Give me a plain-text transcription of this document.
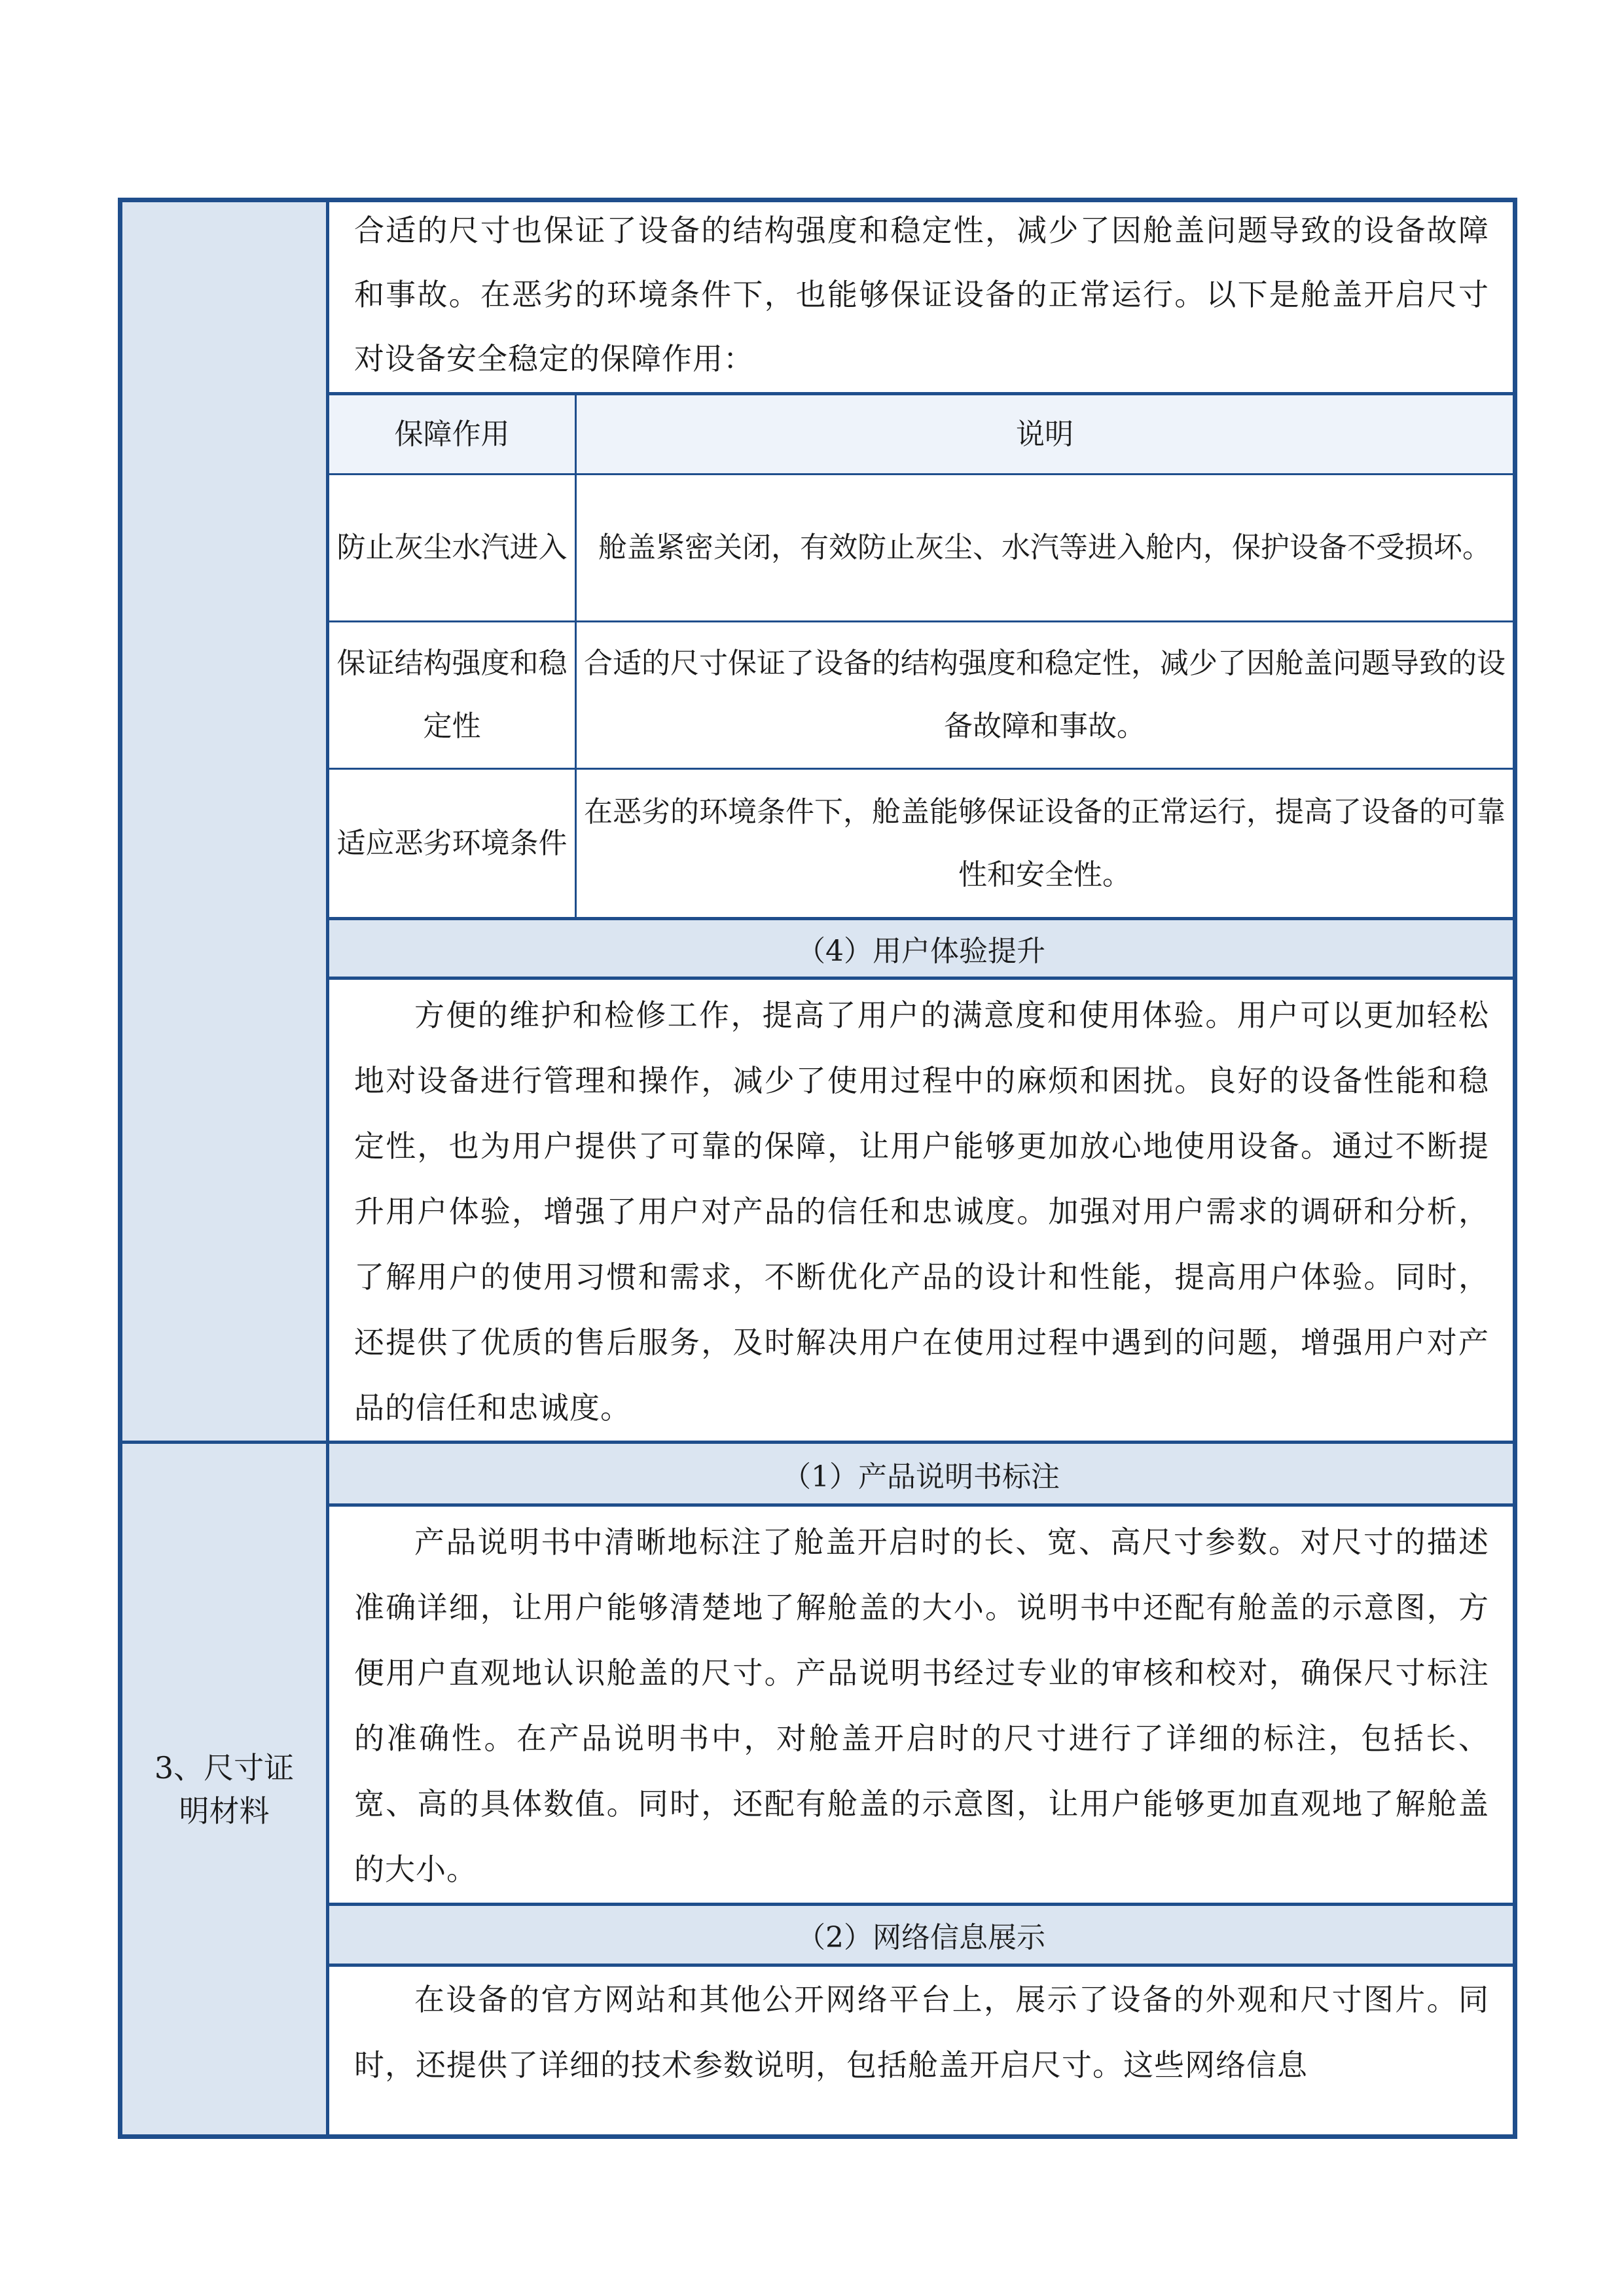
合适的尺寸也保证了设备的结构强度和稳定性，减少了因舱盖问题导致的设备故障和事故。在恶劣的环境条件下，也能够保证设备的正常运行。以下是舱盖开启尺寸对设备安全稳定的保障作用：
保障作用	说明
防止灰尘水汽进入	舱盖紧密关闭，有效防止灰尘、水汽等进入舱内，保护设备不受损坏。
保证结构强度和稳定性
合适的尺寸保证了设备的结构强度和稳定性，减少了因舱盖问题导致的设备故障和事故。
适应恶劣环境条件
在恶劣的环境条件下，舱盖能够保证设备的正常运行，提高了设备的可靠性和安全性。
（4）用户体验提升
方便的维护和检修工作，提高了用户的满意度和使用体验。用户可以更加轻松地对设备进行管理和操作，减少了使用过程中的麻烦和困扰。良好的设备性能和稳定性，也为用户提供了可靠的保障，让用户能够更加放心地使用设备。通过不断提升用户体验，增强了用户对产品的信任和忠诚度。加强对用户需求的调研和分析，了解用户的使用习惯和需求，不断优化产品的设计和性能，提高用户体验。同时，还提供了优质的售后服务，及时解决用户在使用过程中遇到的问题，增强用户对产品的信任和忠诚度。
3、尺寸证明材料
（1）产品说明书标注
产品说明书中清晰地标注了舱盖开启时的长、宽、高尺寸参数。对尺寸的描述准确详细，让用户能够清楚地了解舱盖的大小。说明书中还配有舱盖的示意图，方便用户直观地认识舱盖的尺寸。产品说明书经过专业的审核和校对，确保尺寸标注的准确性。在产品说明书中，对舱盖开启时的尺寸进行了详细的标注，包括长、宽、高的具体数值。同时，还配有舱盖的示意图，让用户能够更加直观地了解舱盖的大小。
（2）网络信息展示
在设备的官方网站和其他公开网络平台上，展示了设备的外观和尺寸图片。同时，还提供了详细的技术参数说明，包括舱盖开启尺寸。这些网络信息
